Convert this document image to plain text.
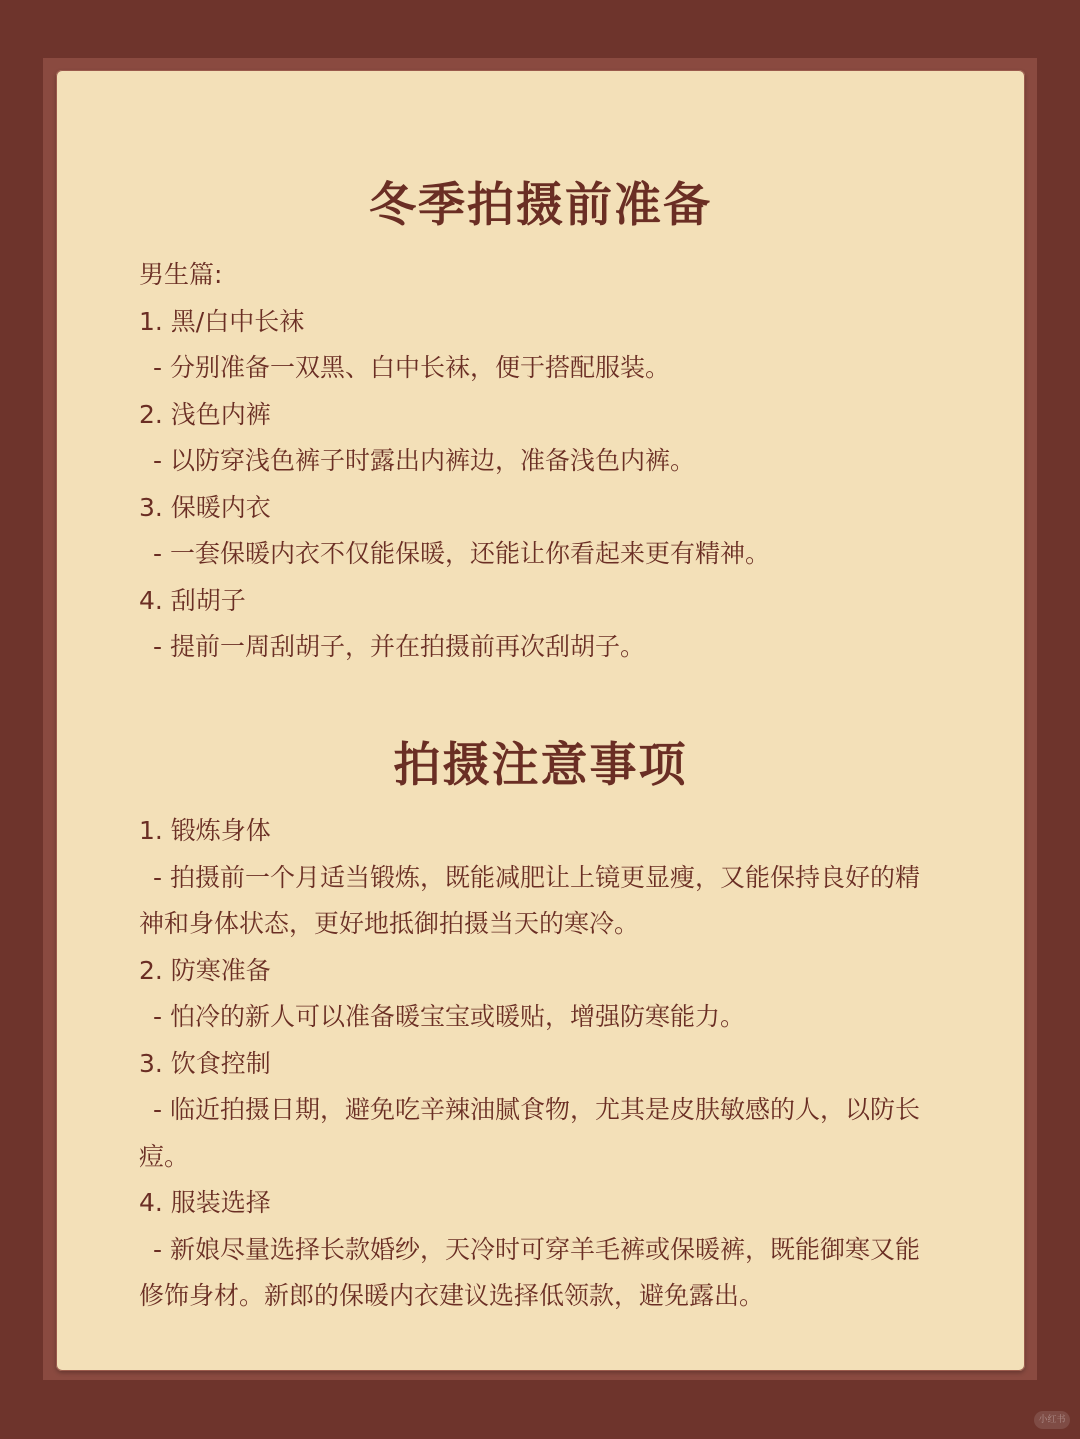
冬季拍摄前准备
男生篇:
1. 黑/白中长袜
- 分别准备一双黑、白中长袜，便于搭配服装。
2. 浅色内裤
- 以防穿浅色裤子时露出内裤边，准备浅色内裤。
3. 保暖内衣
- 一套保暖内衣不仅能保暖，还能让你看起来更有精神。
4. 刮胡子
- 提前一周刮胡子，并在拍摄前再次刮胡子。
拍摄注意事项
1. 锻炼身体
- 拍摄前一个月适当锻炼，既能减肥让上镜更显瘦，又能保持良好的精神和身体状态，更好地抵御拍摄当天的寒冷。
2. 防寒准备
- 怕冷的新人可以准备暖宝宝或暖贴，增强防寒能力。
3. 饮食控制
- 临近拍摄日期，避免吃辛辣油腻食物，尤其是皮肤敏感的人，以防长痘。
4. 服装选择
- 新娘尽量选择长款婚纱，天冷时可穿羊毛裤或保暖裤，既能御寒又能修饰身材。新郎的保暖内衣建议选择低领款，避免露出。
小红书
